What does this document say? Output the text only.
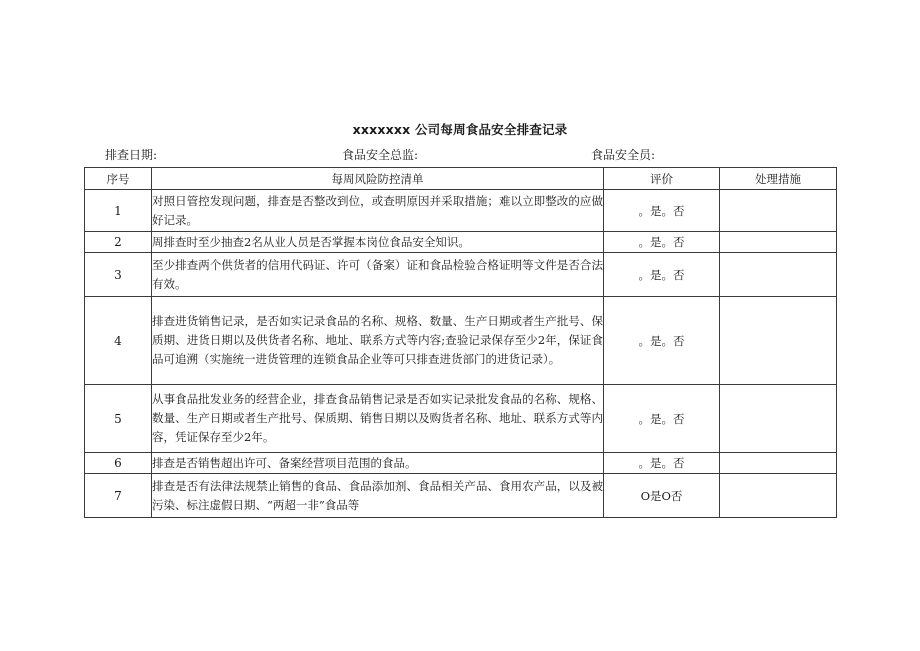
xxxxxxx 公司每周食品安全排查记录
排查日期:	食品安全总监:	食品安全员:
序号	每周风险防控清单	评价	处理措施
1	对照日管控发现问题，排查是否整改到位，或查明原因并采取措施；难以立即整改的应做好记录。	。是。否	
2	周排查时至少抽查2名从业人员是否掌握本岗位食品安全知识。	。是。否	
3	至少排查两个供货者的信用代码证、许可（备案）证和食品检验合格证明等文件是否合法有效。	。是。否	
4	排查进货销售记录，是否如实记录食品的名称、规格、数量、生产日期或者生产批号、保质期、进货日期以及供货者名称、地址、联系方式等内容;查验记录保存至少2年，保证食品可追溯（实施统一进货管理的连锁食品企业等可只排查进货部门的进货记录）。	。是。否	
5	从事食品批发业务的经营企业，排查食品销售记录是否如实记录批发食品的名称、规格、数量、生产日期或者生产批号、保质期、销售日期以及购货者名称、地址、联系方式等内容，凭证保存至少2年。	。是。否	
6	排查是否销售超出许可、备案经营项目范围的食品。	。是。否	
7	排查是否有法律法规禁止销售的食品、食品添加剂、食品相关产品、食用农产品，以及被污染、标注虚假日期、“两超一非”食品等	O是O否	
